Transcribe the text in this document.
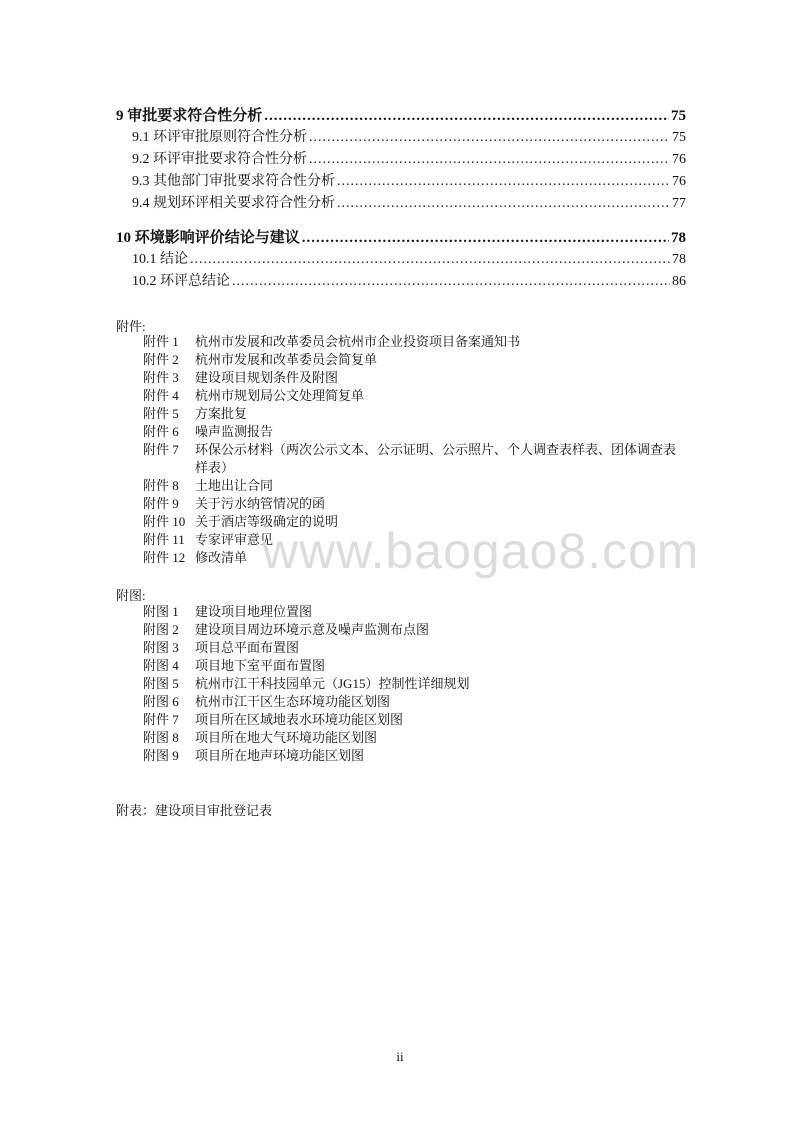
9 审批要求符合性分析 .....	75
9.1 环评审批原则符合性分析 .....	75
9.2 环评审批要求符合性分析 .....	76
9.3 其他部门审批要求符合性分析 .....	76
9.4 规划环评相关要求符合性分析 .....	77
10 环境影响评价结论与建议 .....	78
10.1 结论 .....	78
10.2 环评总结论 .....	86
附件:
附件 1	杭州市发展和改革委员会杭州市企业投资项目备案通知书
附件 2	杭州市发展和改革委员会简复单
附件 3	建设项目规划条件及附图
附件 4	杭州市规划局公文处理简复单
附件 5	方案批复
附件 6	噪声监测报告
附件 7	环保公示材料（两次公示文本、公示证明、公示照片、个人调查表样表、团体调查表样表）
附件 8	土地出让合同
附件 9	关于污水纳管情况的函
附件 10 关于酒店等级确定的说明
附件 11 专家评审意见
附件 12 修改清单 www.baogao8.com
附图:
附图 1	建设项目地理位置图
附图 2	建设项目周边环境示意及噪声监测布点图
附图 3	项目总平面布置图
附图 4	项目地下室平面布置图
附图 5	杭州市江干科技园单元（JG15）控制性详细规划
附图 6	杭州市江干区生态环境功能区划图
附件 7	项目所在区域地表水环境功能区划图
附图 8	项目所在地大气环境功能区划图
附图 9	项目所在地声环境功能区划图
附表：建设项目审批登记表
ii
